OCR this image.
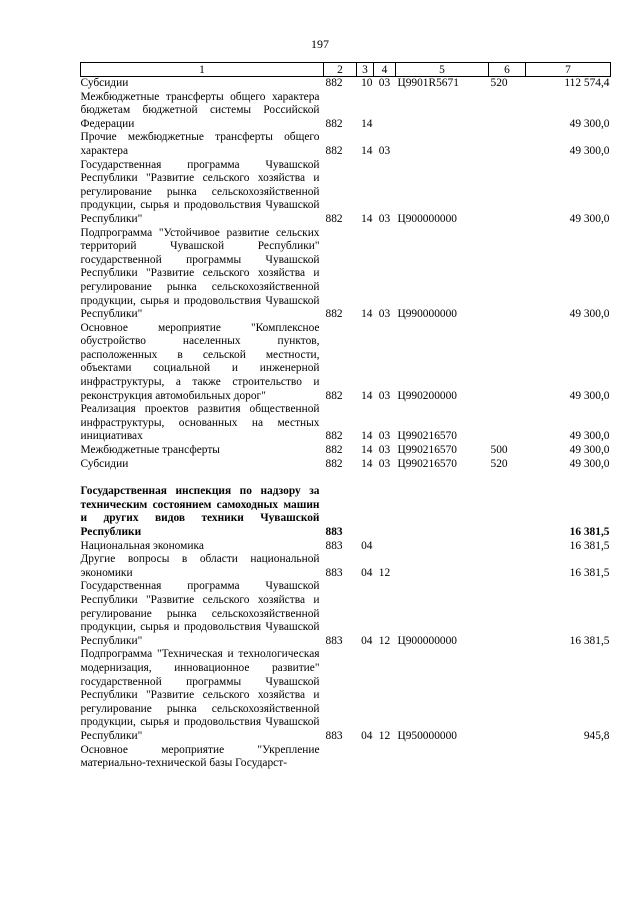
197
1	2	3	4	5	6	7
Субсидии	882	10	03	Ц9901R5671	520	112 574,4
Межбюджетные трансферты общего характера бюджетам бюджетной системы Российской Федерации	882	14				49 300,0
Прочие межбюджетные трансферты общего характера	882	14	03			49 300,0
Государственная программа Чувашской Республики "Развитие сельского хозяйства и регулирование рынка сельскохозяйственной продукции, сырья и продовольствия Чувашской Республики"	882	14	03	Ц900000000		49 300,0
Подпрограмма "Устойчивое развитие сельских территорий Чувашской Республики" государственной программы Чувашской Республики "Развитие сельского хозяйства и регулирование рынка сельскохозяйственной продукции, сырья и продовольствия Чувашской Республики"	882	14	03	Ц990000000		49 300,0
Основное мероприятие "Комплексное обустройство населенных пунктов, расположенных в сельской местности, объектами социальной и инженерной инфраструктуры, а также строительство и реконструкция автомобильных дорог"	882	14	03	Ц990200000		49 300,0
Реализация проектов развития общественной инфраструктуры, основанных на местных инициативах	882	14	03	Ц990216570		49 300,0
Межбюджетные трансферты	882	14	03	Ц990216570	500	49 300,0
Субсидии	882	14	03	Ц990216570	520	49 300,0

Государственная инспекция по надзору за техническим состоянием самоходных машин и других видов техники Чувашской Республики	883					16 381,5
Национальная экономика	883	04				16 381,5
Другие вопросы в области национальной экономики	883	04	12			16 381,5
Государственная программа Чувашской Республики "Развитие сельского хозяйства и регулирование рынка сельскохозяйственной продукции, сырья и продовольствия Чувашской Республики"	883	04	12	Ц900000000		16 381,5
Подпрограмма "Техническая и технологическая модернизация, инновационное развитие" государственной программы Чувашской Республики "Развитие сельского хозяйства и регулирование рынка сельскохозяйственной продукции, сырья и продовольствия Чувашской Республики"	883	04	12	Ц950000000		945,8
Основное мероприятие "Укрепление материально-технической базы Государст-						
